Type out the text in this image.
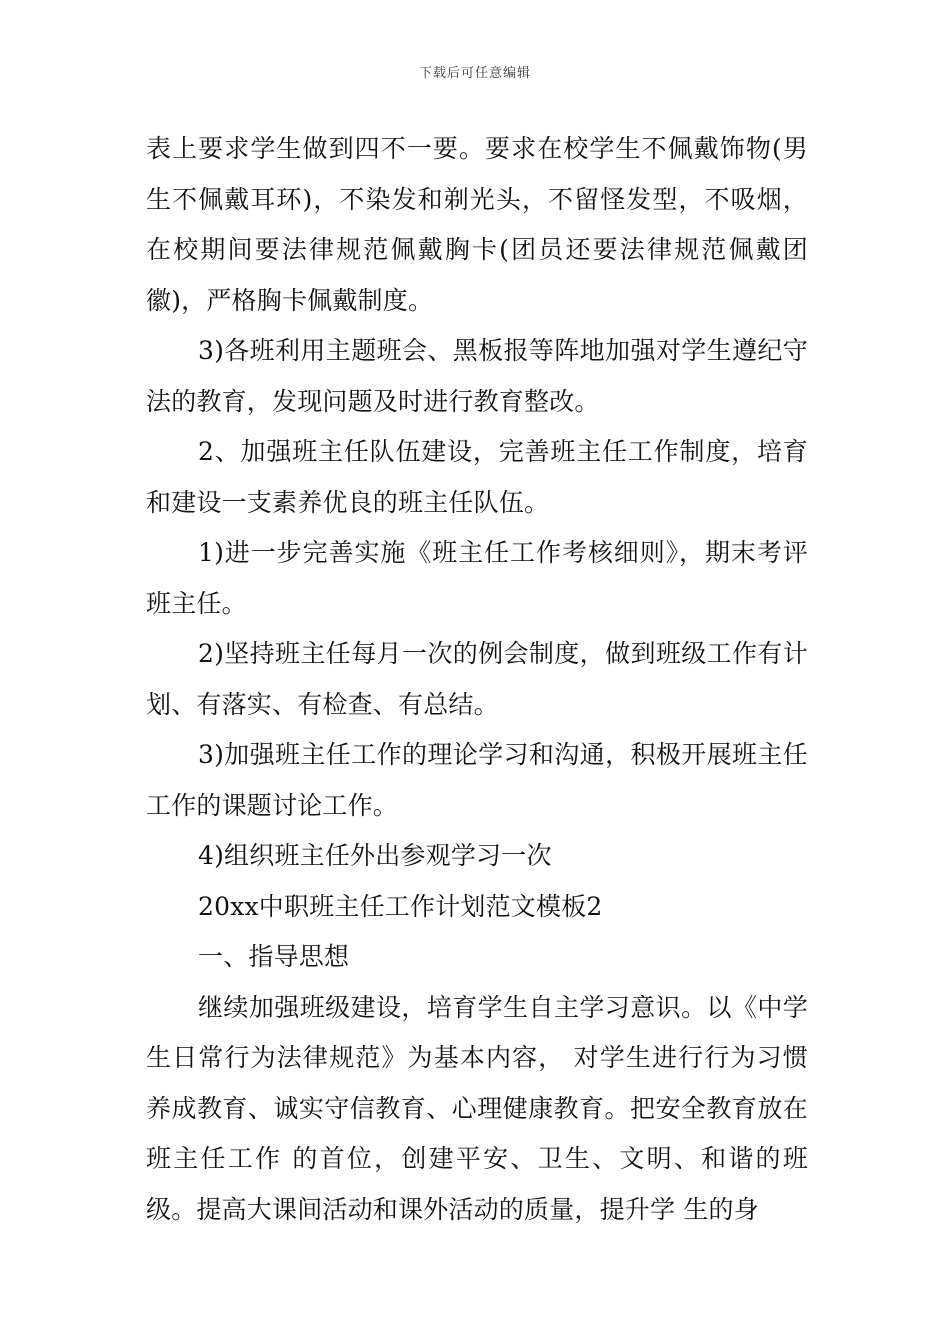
下载后可任意编辑

表上要求学生做到四不一要。要求在校学生不佩戴饰物(男生不佩戴耳环)，不染发和剃光头，不留怪发型，不吸烟，在校期间要法律规范佩戴胸卡(团员还要法律规范佩戴团徽)，严格胸卡佩戴制度。

3)各班利用主题班会、黑板报等阵地加强对学生遵纪守法的教育，发现问题及时进行教育整改。

2、加强班主任队伍建设，完善班主任工作制度，培育和建设一支素养优良的班主任队伍。

1)进一步完善实施《班主任工作考核细则》，期末考评班主任。

2)坚持班主任每月一次的例会制度，做到班级工作有计划、有落实、有检查、有总结。

3)加强班主任工作的理论学习和沟通，积极开展班主任工作的课题讨论工作。

4)组织班主任外出参观学习一次

20xx中职班主任工作计划范文模板2

一、指导思想

继续加强班级建设，培育学生自主学习意识。以《中学生日常行为法律规范》为基本内容， 对学生进行行为习惯养成教育、诚实守信教育、心理健康教育。把安全教育放在班主任工作 的首位，创建平安、卫生、文明、和谐的班级。提高大课间活动和课外活动的质量，提升学 生的身
